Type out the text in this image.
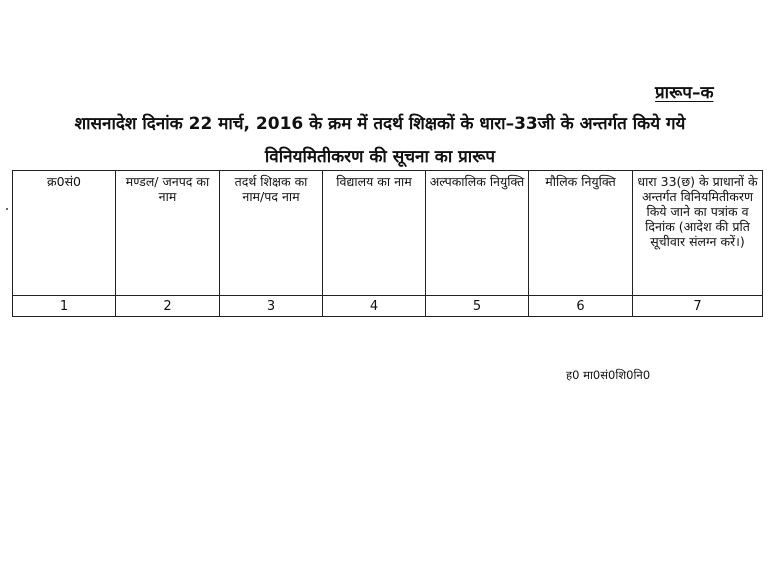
प्रारूप–क
शासनादेश दिनांक 22 मार्च, 2016 के क्रम में तदर्थ शिक्षकों के धारा–33जी के अन्तर्गत किये गये
विनियमितीकरण की सूचना का प्रारूप
क्र0सं0	मण्डल/ जनपद का नाम	तदर्थ शिक्षक का नाम/पद नाम	विद्यालय का नाम	अल्पकालिक नियुक्ति	मौलिक नियुक्ति	धारा 33(छ) के प्राधानों के अन्तर्गत विनियमितीकरण किये जाने का पत्रांक व दिनांक (आदेश की प्रति सूचीवार संलग्न करें।)
1	2	3	4	5	6	7
ह0 मा0सं0शि0नि0
